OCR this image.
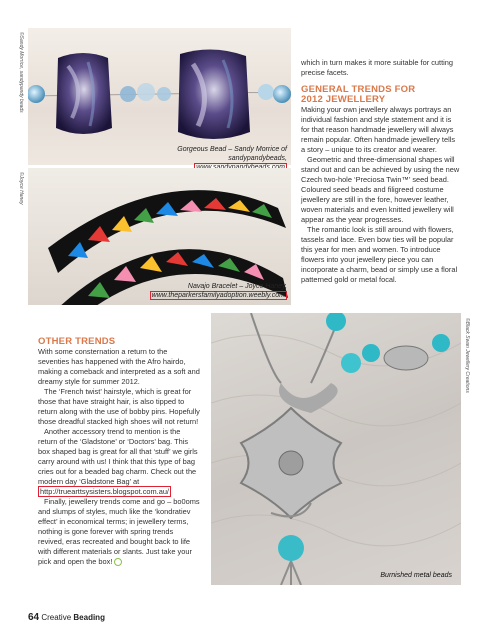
©Sandy Morrice, sandypandy beads
Gorgeous Bead – Sandy Morrice of
sandypandybeads,
©Joyce Haney
Navajo Bracelet – Joyce Haney,
www.theparkersfamilyadoption.weebly.com
which in turn makes it more suitable for cutting precise facets.
GENERAL TRENDS FOR
2012 JEWELLERY

Making your own jewellery always portrays an individual fashion and style statement and it is for that reason handmade jewellery will always remain popular. Often handmade jewellery tells a story – unique to its creator and wearer.

Geometric and three-dimensional shapes will stand out and can be achieved by using the new Czech two-hole ‘Preciosa Twin™’ seed bead. Coloured seed beads and filigreed costume jewellery are still in the fore, however leather, woven materials and even knitted jewellery will appear as the year progresses.

The romantic look is still around with flowers, tassels and lace. Even bow ties will be popular this year for men and women. To introduce flowers into your jewellery piece you can incorporate a charm, bead or simply use a floral patterned gold or metal focal.

OTHER TRENDS

With some consternation a return to the seventies has happened with the Afro hairdo, making a comeback and interpreted as a soft and dreamy style for summer 2012.

The ‘French twist’ hairstyle, which is great for those that have straight hair, is also tipped to return along with the use of bobby pins. Hopefully those dreadful stacked high shoes will not return!

Another accessory trend to mention is the return of the ‘Gladstone’ or ‘Doctors’ bag. This box shaped bag is great for all that ‘stuff’ we girls carry around with us! I think that this type of bag cries out for a beaded bag charm. Check out the modern day ‘Gladstone Bag’ at http://truearttsysisters.blogspot.com.au/

Finally, jewellery trends come and go – bo0oms and slumps of styles, much like the ‘kondratiev effect’ in economical terms; in jewellery terms, nothing is gone forever with spring trends revived, eras recreated and bought back to life with different materials or slants. Just take your pick and open the box!

©Black Swan Jewellery Creations
Burnished metal beads
64 Creative Beading
